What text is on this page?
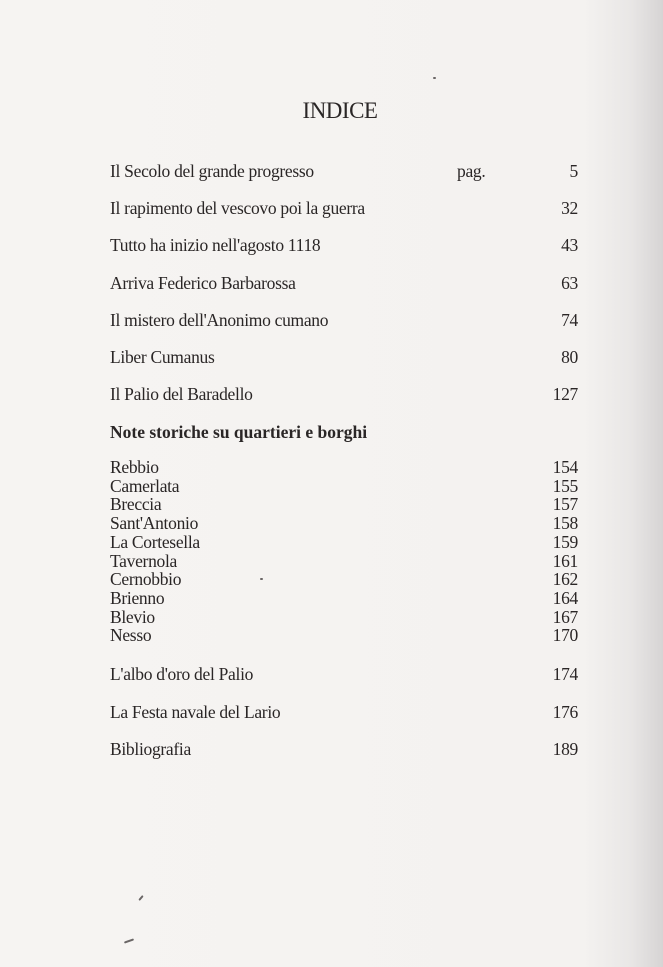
INDICE
Il Secolo del grande progresso	pag.	5
Il rapimento del vescovo poi la guerra	32
Tutto ha inizio nell'agosto 1118	43
Arriva Federico Barbarossa	63
Il mistero dell'Anonimo cumano	74
Liber Cumanus	80
Il Palio del Baradello	127
Note storiche su quartieri e borghi
Rebbio	154
Camerlata	155
Breccia	157
Sant'Antonio	158
La Cortesella	159
Tavernola	161
Cernobbio	162
Brienno	164
Blevio	167
Nesso	170
L'albo d'oro del Palio	174
La Festa navale del Lario	176
Bibliografia	189
